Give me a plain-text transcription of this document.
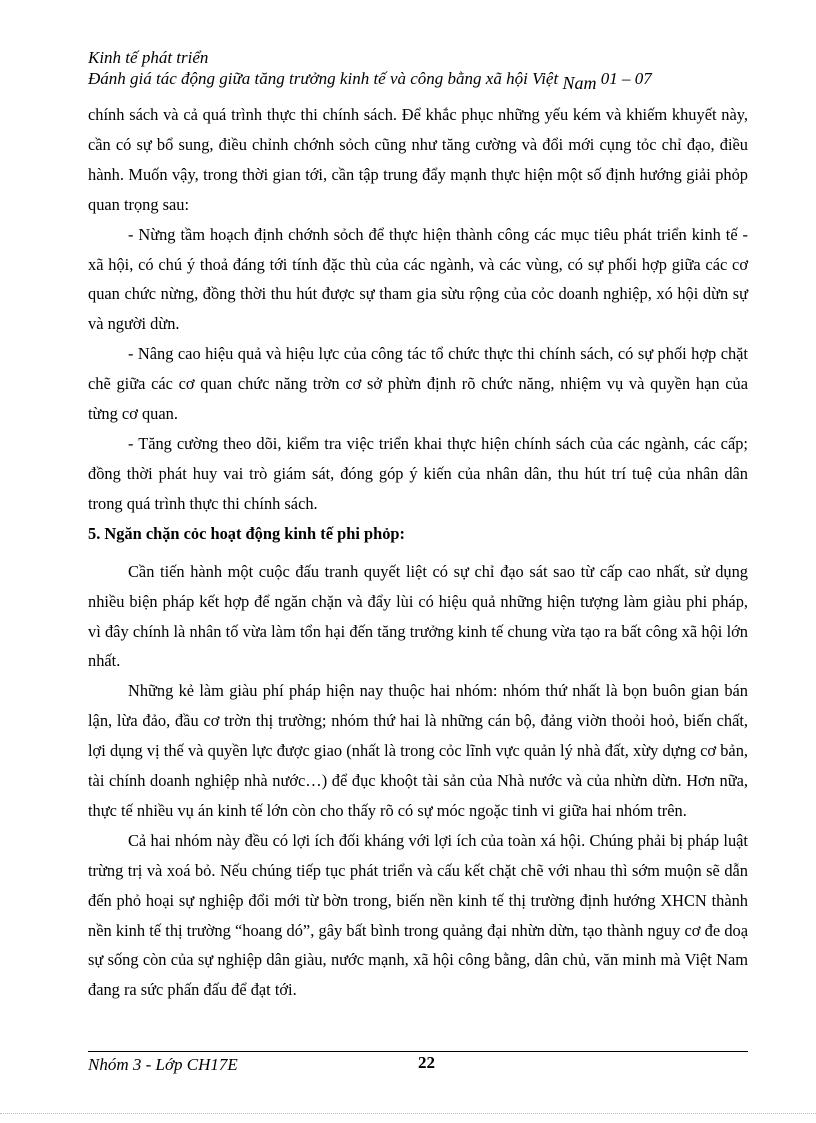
Kinh tế phát triển
Đánh giá tác động giữa tăng trưởng kinh tế và công bằng xã hội Việt Nam 01 – 07

chính sách và cả quá trình thực thi chính sách. Để khắc phục những yếu kém và khiếm khuyết này, cần có sự bổ sung, điều chỉnh chớnh sỏch cũng như tăng cường và đổi mới cụng tỏc chỉ đạo, điều hành. Muốn vậy, trong thời gian tới, cần tập trung đẩy mạnh thực hiện một số định hướng giải phỏp quan trọng sau:

- Nừng tầm hoạch định chớnh sỏch để thực hiện thành công các mục tiêu phát triển kinh tế - xã hội, có chú ý thoả đáng tới tính đặc thù của các ngành, và các vùng, có sự phối hợp giữa các cơ quan chức nừng, đồng thời thu hút được sự tham gia sừu rộng của cỏc doanh nghiệp, xó hội dừn sự và người dừn.

- Nâng cao hiệu quả và hiệu lực của công tác tổ chức thực thi chính sách, có sự phối hợp chặt chẽ giữa các cơ quan chức năng trờn cơ sở phừn định rõ chức năng, nhiệm vụ và quyền hạn của từng cơ quan.

- Tăng cường theo dõi, kiểm tra việc triển khai thực hiện chính sách của các ngành, các cấp; đồng thời phát huy vai trò giám sát, đóng góp ý kiến của nhân dân, thu hút trí tuệ của nhân dân trong quá trình thực thi chính sách.

5. Ngăn chặn cỏc hoạt động kinh tế phi phỏp:

Cần tiến hành một cuộc đấu tranh quyết liệt có sự chỉ đạo sát sao từ cấp cao nhất, sử dụng nhiều biện pháp kết hợp để ngăn chặn và đẩy lùi có hiệu quả những hiện tượng làm giàu phi pháp, vì đây chính là nhân tố vừa làm tổn hại đến tăng trưởng kinh tế chung vừa tạo ra bất công xã hội lớn nhất.

Những kẻ làm giàu phí pháp hiện nay thuộc hai nhóm: nhóm thứ nhất là bọn buôn gian bán lận, lừa đảo, đầu cơ trờn thị trường; nhóm thứ hai là những cán bộ, đảng viờn thoỏi hoỏ, biến chất, lợi dụng vị thế và quyền lực được giao (nhất là trong cỏc lĩnh vực quản lý nhà đất, xừy dựng cơ bản, tài chính doanh nghiệp nhà nước…) để đục khoột tài sản của Nhà nước và của nhừn dừn. Hơn nữa, thực tế nhiều vụ án kinh tế lớn còn cho thấy rõ có sự móc ngoặc tinh vi giữa hai nhóm trên.

Cả hai nhóm này đều có lợi ích đối kháng với lợi ích của toàn xá hội. Chúng phải bị pháp luật trừng trị và xoá bỏ. Nếu chúng tiếp tục phát triển và cấu kết chặt chẽ với nhau thì sớm muộn sẽ dẫn đến phỏ hoại sự nghiệp đổi mới từ bờn trong, biến nền kinh tế thị trường định hướng XHCN thành nền kinh tế thị trường “hoang dó”, gây bất bình trong quảng đại nhừn dừn, tạo thành nguy cơ đe doạ sự sống còn của sự nghiệp dân giàu, nước mạnh, xã hội công bằng, dân chủ, văn minh mà Việt Nam đang ra sức phấn đấu để đạt tới.

Nhóm 3 - Lớp CH17E	22
